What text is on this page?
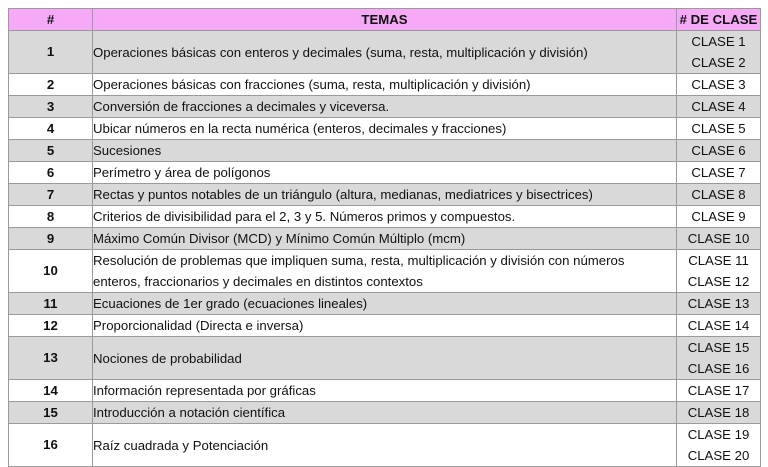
#	TEMAS	# DE CLASE
1	Operaciones básicas con enteros y decimales (suma, resta, multiplicación y división)	CLASE 1
CLASE 2

2	Operaciones básicas con fracciones (suma, resta, multiplicación y división)	CLASE 3

3	Conversión de fracciones a decimales y viceversa.	CLASE 4

4	Ubicar números en la recta numérica (enteros, decimales y fracciones)	CLASE 5

5	Sucesiones	CLASE 6

6	Perímetro y área de polígonos	CLASE 7

7	Rectas y puntos notables de un triángulo (altura, medianas, mediatrices y bisectrices)	CLASE 8

8	Criterios de divisibilidad para el 2, 3 y 5. Números primos y compuestos.	CLASE 9

9	Máximo Común Divisor (MCD) y Mínimo Común Múltiplo (mcm)	CLASE 10

10	Resolución de problemas que impliquen suma, resta, multiplicación y división con números
enteros, fraccionarios y decimales en distintos contextos	CLASE 11
CLASE 12

11	Ecuaciones de 1er grado (ecuaciones lineales)	CLASE 13

12	Proporcionalidad (Directa e inversa)	CLASE 14

13	Nociones de probabilidad	CLASE 15
CLASE 16

14	Información representada por gráficas	CLASE 17

15	Introducción a notación científica	CLASE 18

16	Raíz cuadrada y Potenciación	CLASE 19
CLASE 20
